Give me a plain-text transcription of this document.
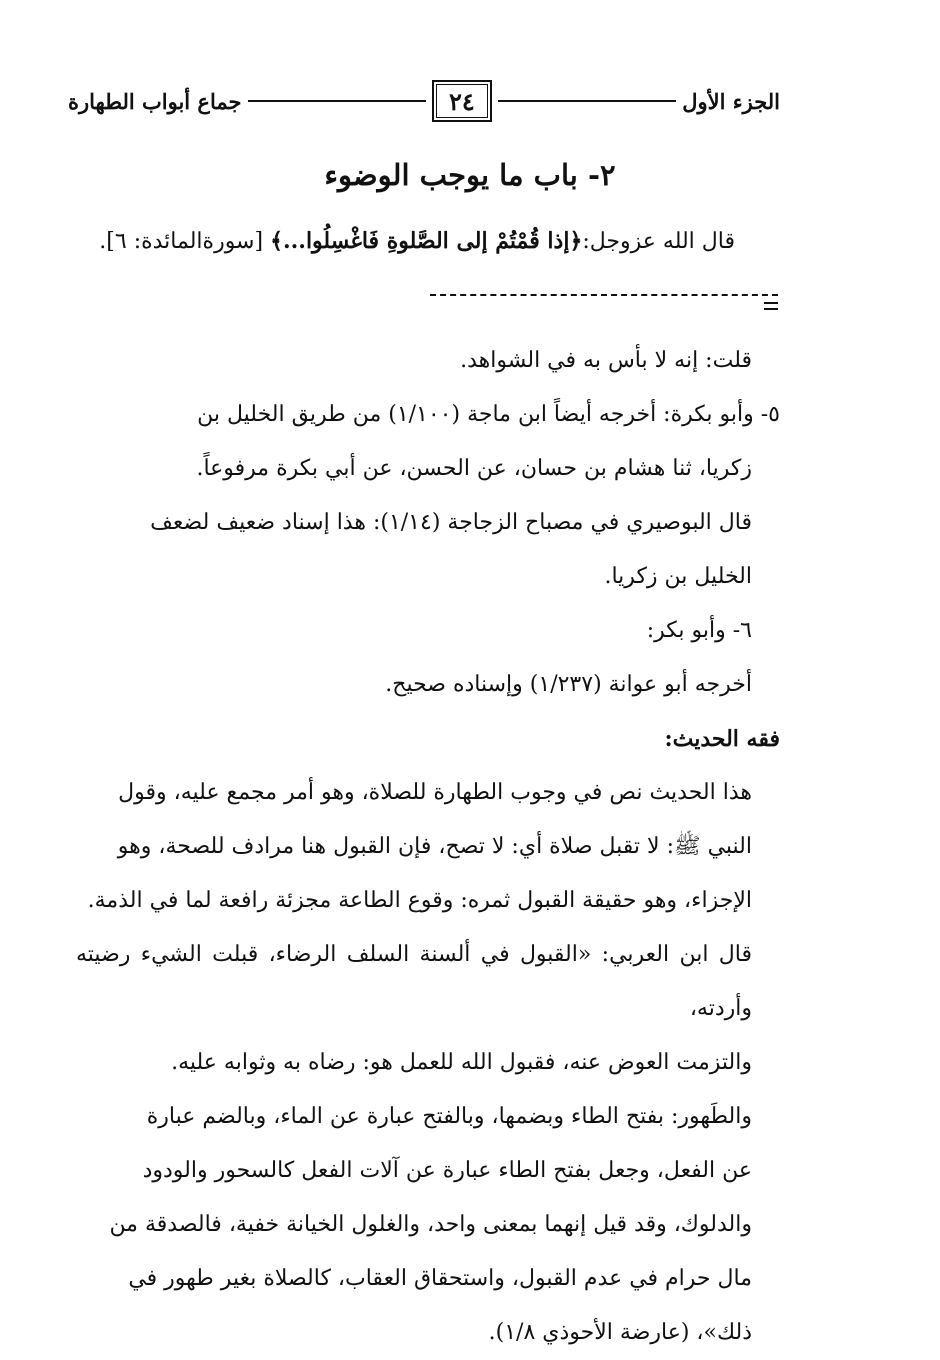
الجزء الأول
٢٤
جماع أبواب الطهارة
٢- باب ما يوجب الوضوء
قال الله عزوجل:﴿إذا قُمْتُمْ إلى الصَّلوةِ فَاغْسِلُوا...﴾ [سورةالمائدة: ٦].

قلت: إنه لا بأس به في الشواهد.

٥- وأبو بكرة: أخرجه أيضاً ابن ماجة (١/١٠٠) من طريق الخليل بن

زكريا، ثنا هشام بن حسان، عن الحسن، عن أبي بكرة مرفوعاً.

قال البوصيري في مصباح الزجاجة (١/١٤): هذا إسناد ضعيف لضعف

الخليل بن زكريا.

٦- وأبو بكر:

أخرجه أبو عوانة (١/٢٣٧) وإسناده صحيح.

فقه الحديث:

هذا الحديث نص في وجوب الطهارة للصلاة، وهو أمر مجمع عليه، وقول

النبي ﷺ: لا تقبل صلاة أي: لا تصح، فإن القبول هنا مرادف للصحة، وهو

الإجزاء، وهو حقيقة القبول ثمره: وقوع الطاعة مجزئة رافعة لما في الذمة.

قال ابن العربي: «القبول في ألسنة السلف الرضاء، قبلت الشيء رضيته وأردته،

والتزمت العوض عنه، فقبول الله للعمل هو: رضاه به وثوابه عليه.

والطَهور: بفتح الطاء وبضمها، وبالفتح عبارة عن الماء، وبالضم عبارة

عن الفعل، وجعل بفتح الطاء عبارة عن آلات الفعل كالسحور والودود

والدلوك، وقد قيل إنهما بمعنى واحد، والغلول الخيانة خفية، فالصدقة من

مال حرام في عدم القبول، واستحقاق العقاب، كالصلاة بغير طهور في

ذلك»، (عارضة الأحوذي ١/٨).
